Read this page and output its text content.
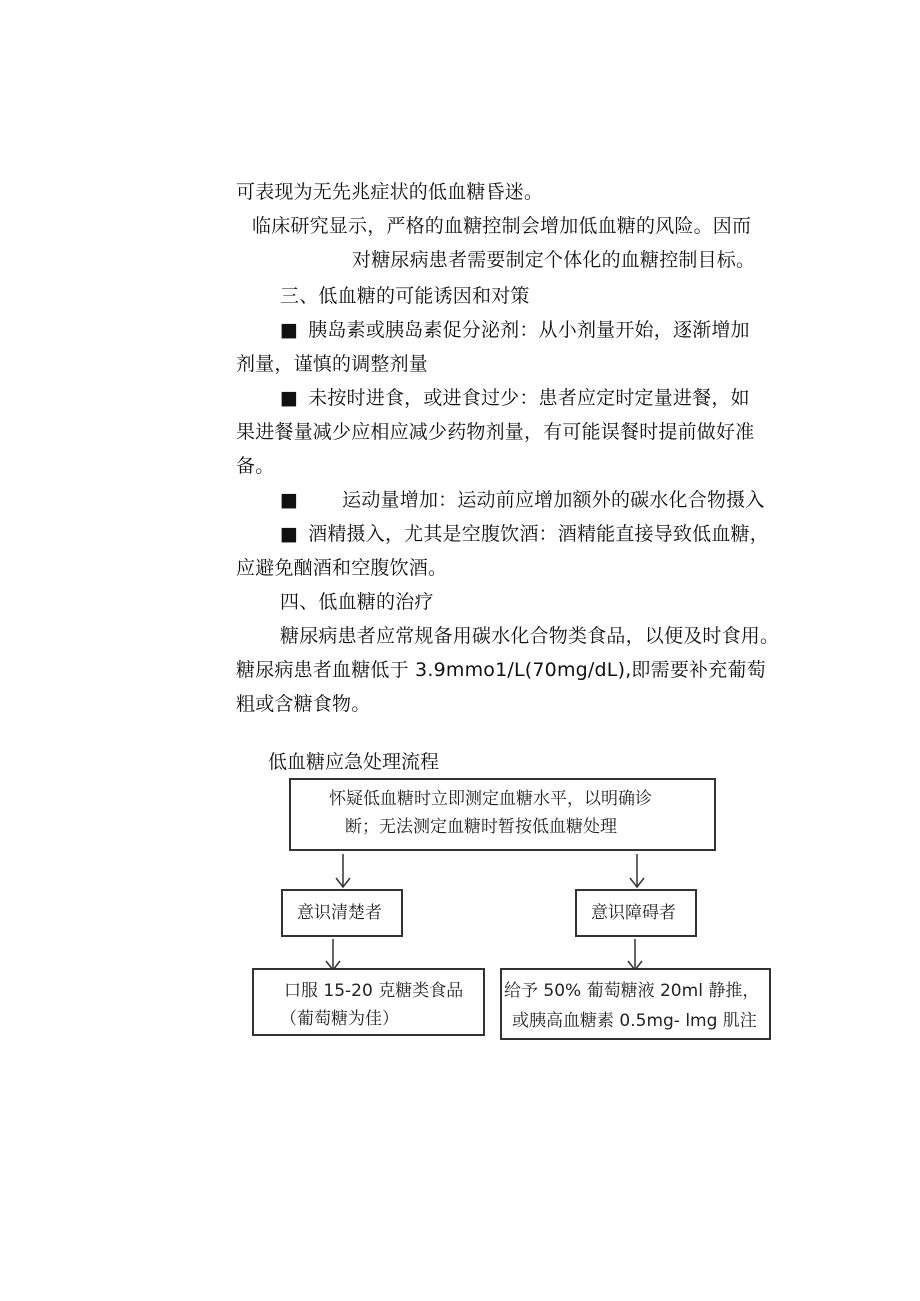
可表现为无先兆症状的低血糖昏迷。
临床研究显示，严格的血糖控制会增加低血糖的风险。因而
对糖尿病患者需要制定个体化的血糖控制目标。
三、低血糖的可能诱因和对策
■ 胰岛素或胰岛素促分泌剂：从小剂量开始，逐渐增加
剂量，谨慎的调整剂量
■ 未按时进食，或进食过少：患者应定时定量进餐，如
果进餐量减少应相应减少药物剂量，有可能误餐时提前做好准
备。
■ 运动量增加：运动前应增加额外的碳水化合物摄入
■ 酒精摄入，尤其是空腹饮酒：酒精能直接导致低血糖，
应避免酗酒和空腹饮酒。
四、低血糖的治疗
糖尿病患者应常规备用碳水化合物类食品，以便及时食用。
糖尿病患者血糖低于 3.9mmo1∕L(70mg∕dL),即需要补充葡萄
粗或含糖食物。
低血糖应急处理流程
怀疑低血糖时立即测定血糖水平，以明确诊
断；无法测定血糖时暂按低血糖处理
意识清楚者	意识障碍者
口服 15-20 克糖类食品
（葡萄糖为佳）
给予 50% 葡萄糖液 20ml 静推，
或胰高血糖素 0.5mg- lmg 肌注
